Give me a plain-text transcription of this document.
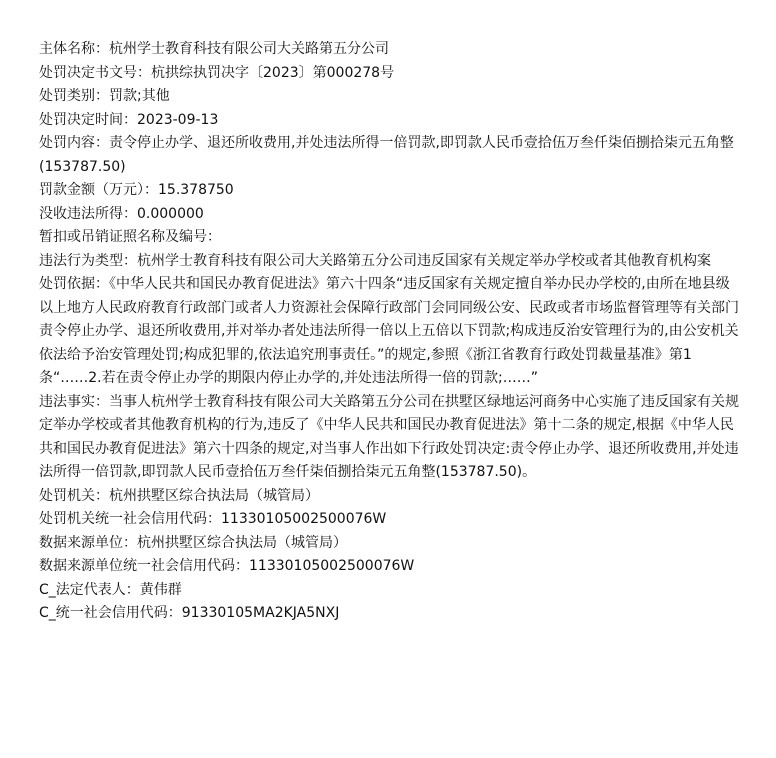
主体名称：杭州学士教育科技有限公司大关路第五分公司

处罚决定书文号：杭拱综执罚决字〔2023〕第000278号

处罚类别：罚款;其他

处罚决定时间：2023-09-13

处罚内容：责令停止办学、退还所收费用,并处违法所得一倍罚款,即罚款人民币壹拾伍万叁仟柒佰捌拾柒元五角整(153787.50)

罚款金额（万元）：15.378750

没收违法所得：0.000000

暂扣或吊销证照名称及编号：

违法行为类型：杭州学士教育科技有限公司大关路第五分公司违反国家有关规定举办学校或者其他教育机构案

处罚依据：《中华人民共和国民办教育促进法》第六十四条“违反国家有关规定擅自举办民办学校的,由所在地县级以上地方人民政府教育行政部门或者人力资源社会保障行政部门会同同级公安、民政或者市场监督管理等有关部门责令停止办学、退还所收费用,并对举办者处违法所得一倍以上五倍以下罚款;构成违反治安管理行为的,由公安机关依法给予治安管理处罚;构成犯罪的,依法追究刑事责任。”的规定,参照《浙江省教育行政处罚裁量基准》第1条“……2.若在责令停止办学的期限内停止办学的,并处违法所得一倍的罚款;……”

违法事实：当事人杭州学士教育科技有限公司大关路第五分公司在拱墅区绿地运河商务中心实施了违反国家有关规定举办学校或者其他教育机构的行为,违反了《中华人民共和国民办教育促进法》第十二条的规定,根据《中华人民共和国民办教育促进法》第六十四条的规定,对当事人作出如下行政处罚决定:责令停止办学、退还所收费用,并处违法所得一倍罚款,即罚款人民币壹拾伍万叁仟柒佰捌拾柒元五角整(153787.50)。

处罚机关：杭州拱墅区综合执法局（城管局）

处罚机关统一社会信用代码：11330105002500076W

数据来源单位：杭州拱墅区综合执法局（城管局）

数据来源单位统一社会信用代码：11330105002500076W

C_法定代表人：黄伟群

C_统一社会信用代码：91330105MA2KJA5NXJ
